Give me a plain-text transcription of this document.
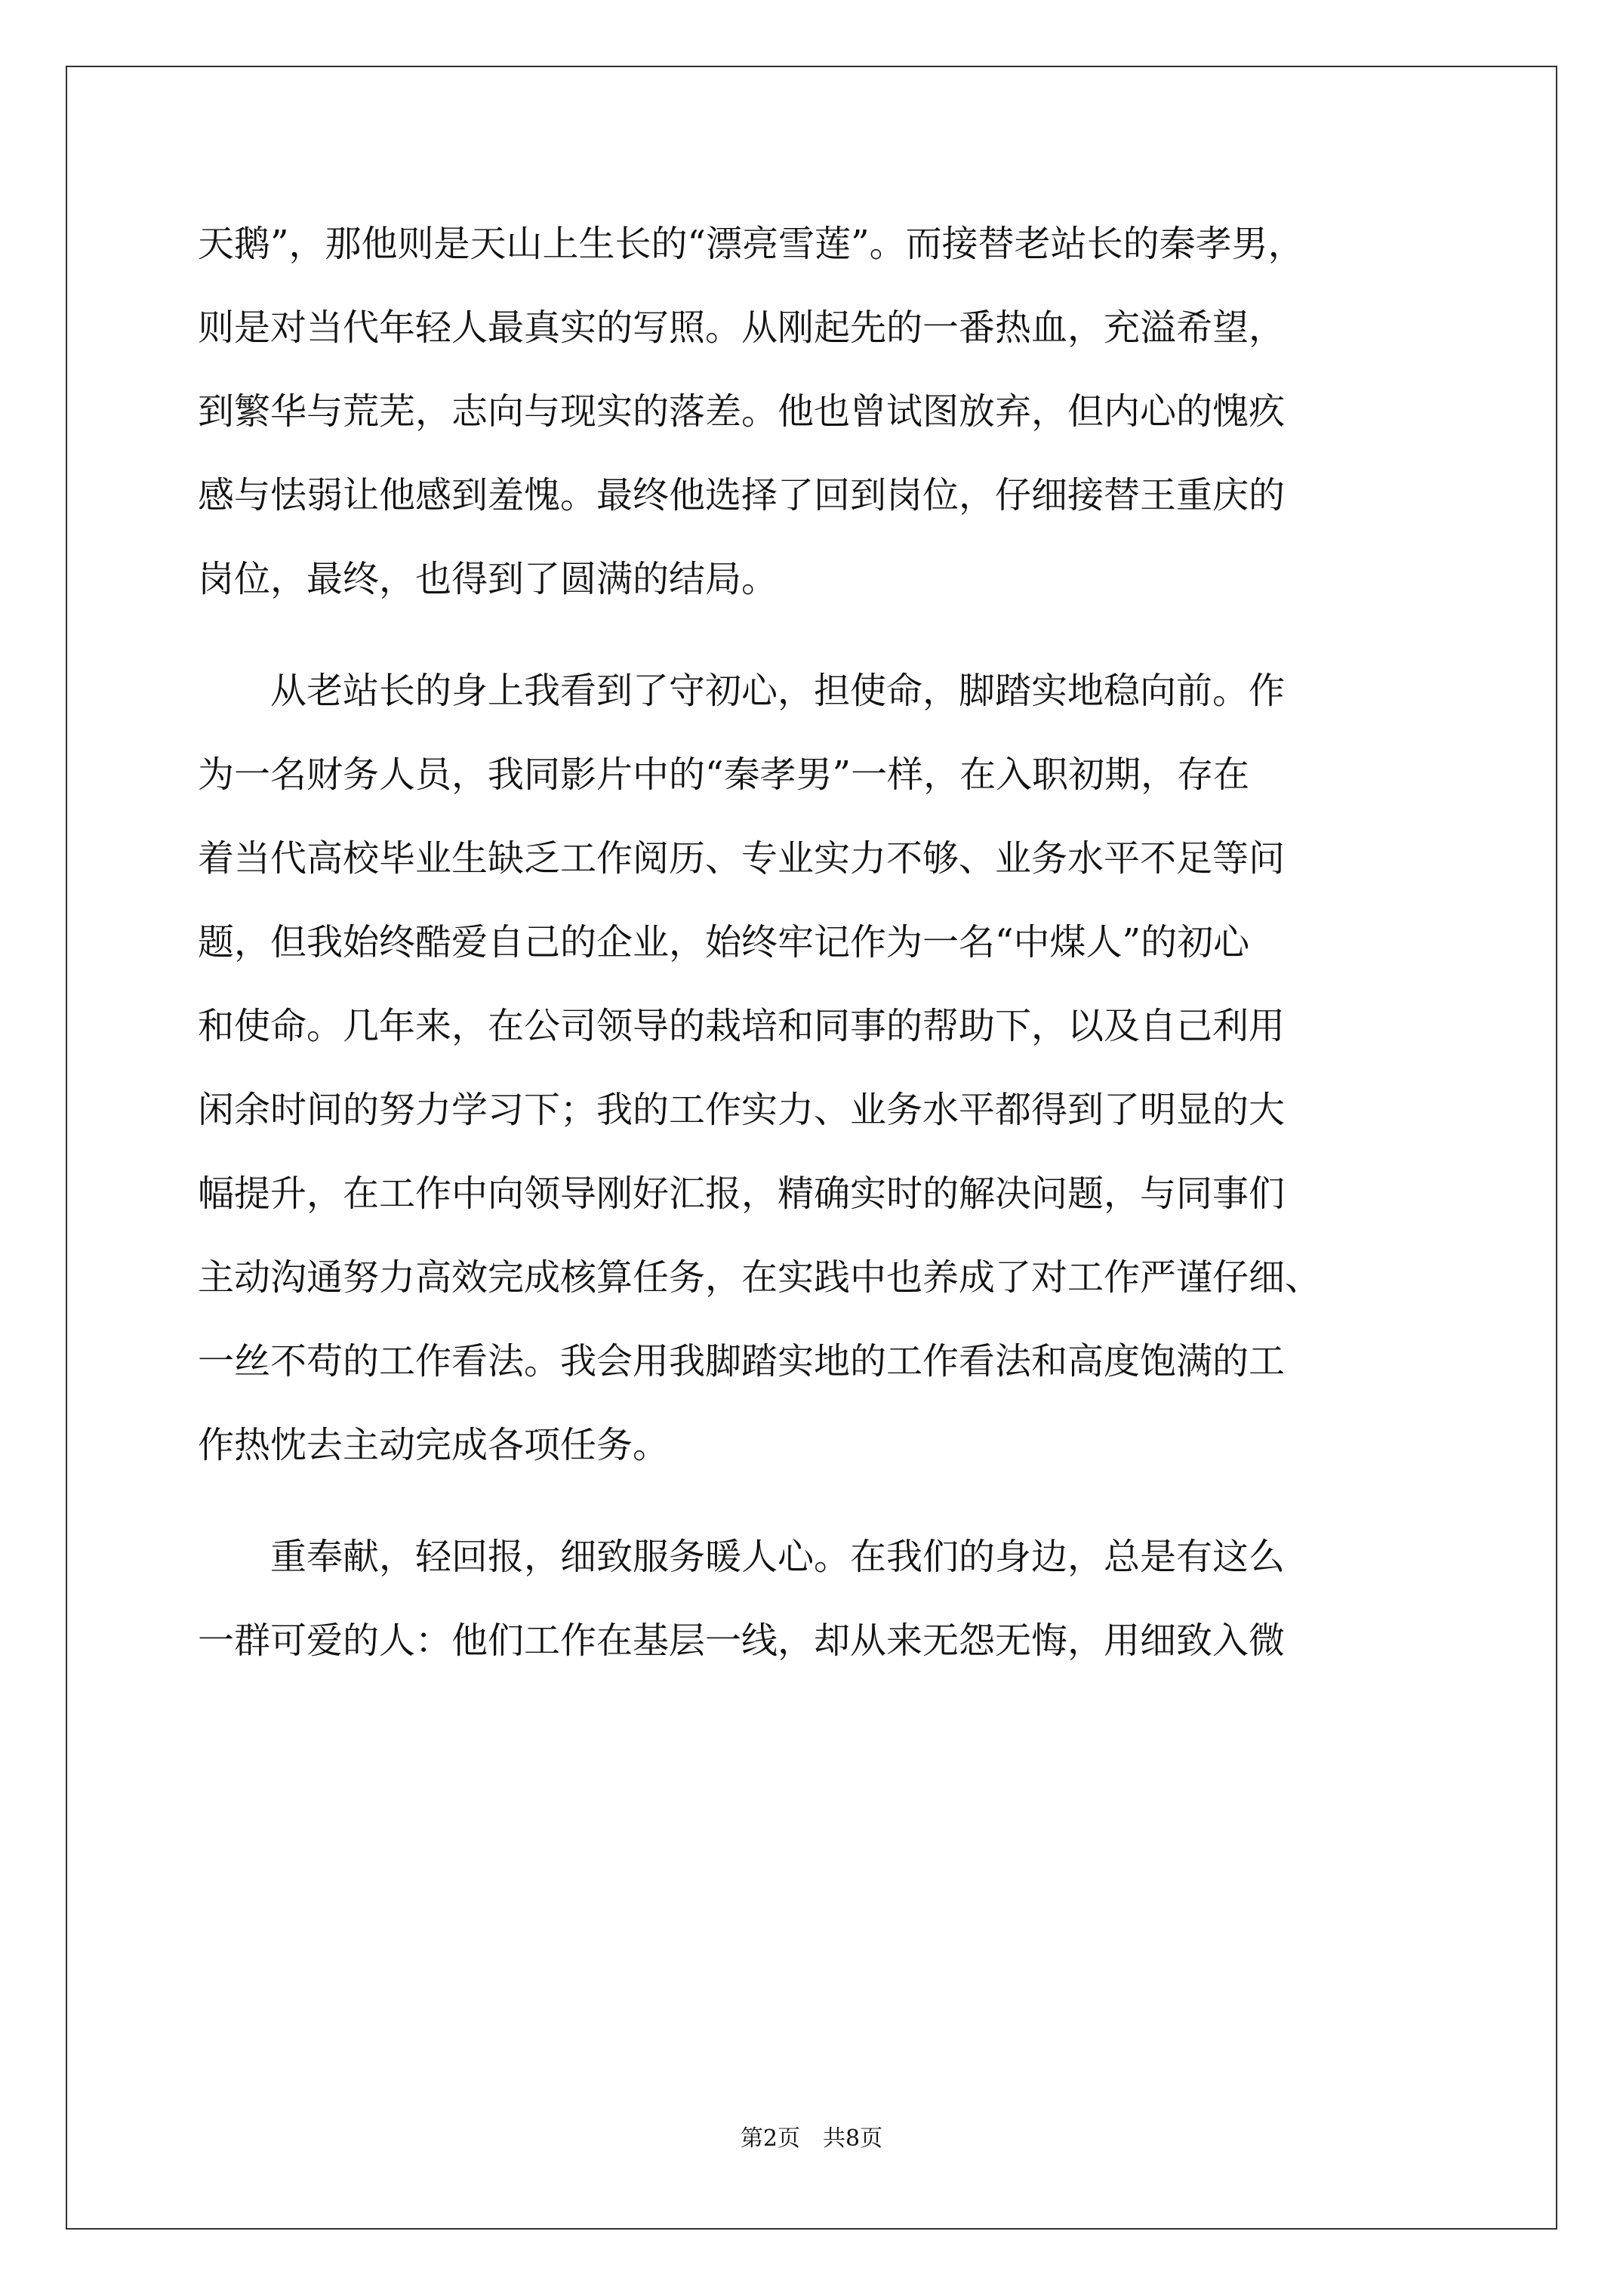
天鹅”，那他则是天山上生长的“漂亮雪莲”。而接替老站长的秦孝男，
则是对当代年轻人最真实的写照。从刚起先的一番热血，充溢希望，
到繁华与荒芜，志向与现实的落差。他也曾试图放弃，但内心的愧疚
感与怯弱让他感到羞愧。最终他选择了回到岗位，仔细接替王重庆的
岗位，最终，也得到了圆满的结局。
　　从老站长的身上我看到了守初心，担使命，脚踏实地稳向前。作
为一名财务人员，我同影片中的“秦孝男”一样，在入职初期，存在
着当代高校毕业生缺乏工作阅历、专业实力不够、业务水平不足等问
题，但我始终酷爱自己的企业，始终牢记作为一名“中煤人”的初心
和使命。几年来，在公司领导的栽培和同事的帮助下，以及自己利用
闲余时间的努力学习下；我的工作实力、业务水平都得到了明显的大
幅提升，在工作中向领导刚好汇报，精确实时的解决问题，与同事们
主动沟通努力高效完成核算任务，在实践中也养成了对工作严谨仔细、
一丝不苟的工作看法。我会用我脚踏实地的工作看法和高度饱满的工
作热忱去主动完成各项任务。
　　重奉献，轻回报，细致服务暖人心。在我们的身边，总是有这么
一群可爱的人：他们工作在基层一线，却从来无怨无悔，用细致入微
第2页 共8页
